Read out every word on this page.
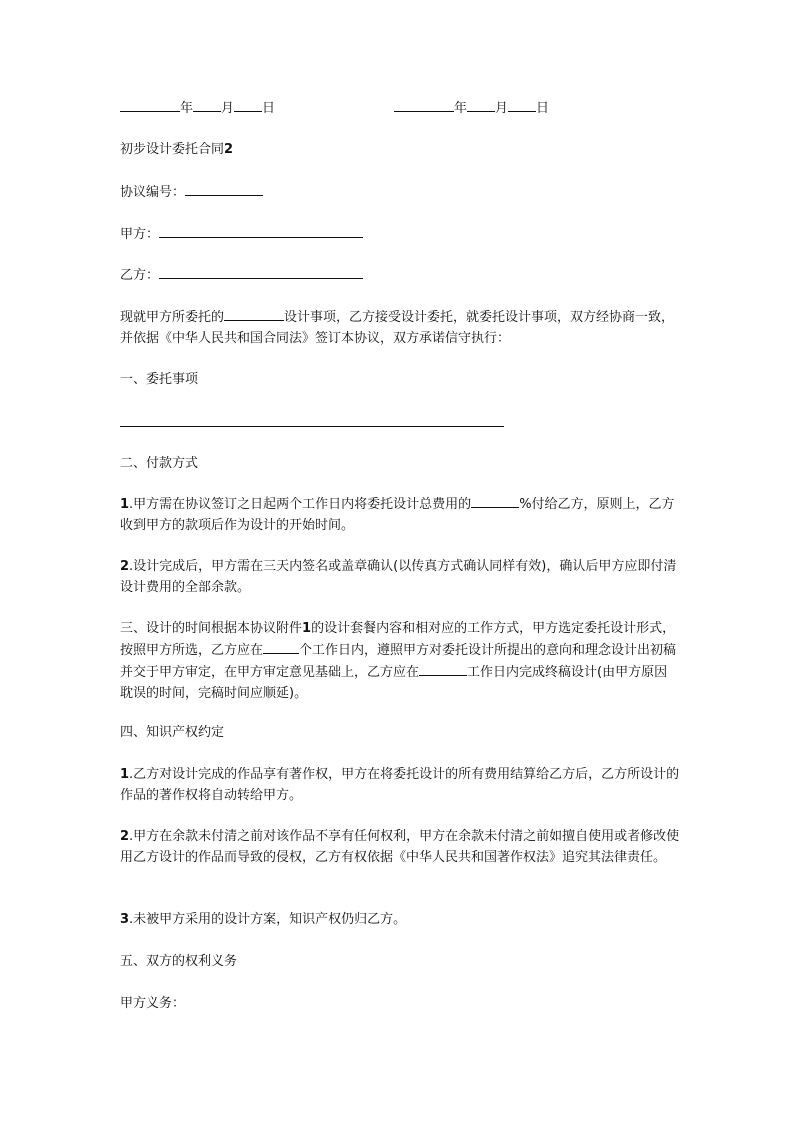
年 月 日	年 月 日
初步设计委托合同2
协议编号：
甲方：
乙方：
现就甲方所委托的	设计事项，乙方接受设计委托，就委托设计事项，双方经协商一致，并依据《中华人民共和国合同法》签订本协议，双方承诺信守执行：
一、委托事项
二、付款方式
1.甲方需在协议签订之日起两个工作日内将委托设计总费用的	%付给乙方，原则上，乙方收到甲方的款项后作为设计的开始时间。
2.设计完成后，甲方需在三天内签名或盖章确认(以传真方式确认同样有效)，确认后甲方应即付清设计费用的全部余款。
三、设计的时间根据本协议附件1的设计套餐内容和相对应的工作方式，甲方选定委托设计形式，按照甲方所选，乙方应在	个工作日内，遵照甲方对委托设计所提出的意向和理念设计出初稿并交于甲方审定，在甲方审定意见基础上，乙方应在	工作日内完成终稿设计(由甲方原因耽误的时间，完稿时间应顺延)。
四、知识产权约定
1.乙方对设计完成的作品享有著作权，甲方在将委托设计的所有费用结算给乙方后，乙方所设计的作品的著作权将自动转给甲方。
2.甲方在余款未付清之前对该作品不享有任何权利，甲方在余款未付清之前如擅自使用或者修改使用乙方设计的作品而导致的侵权，乙方有权依据《中华人民共和国著作权法》追究其法律责任。
3.未被甲方采用的设计方案，知识产权仍归乙方。
五、双方的权利义务
甲方义务：
